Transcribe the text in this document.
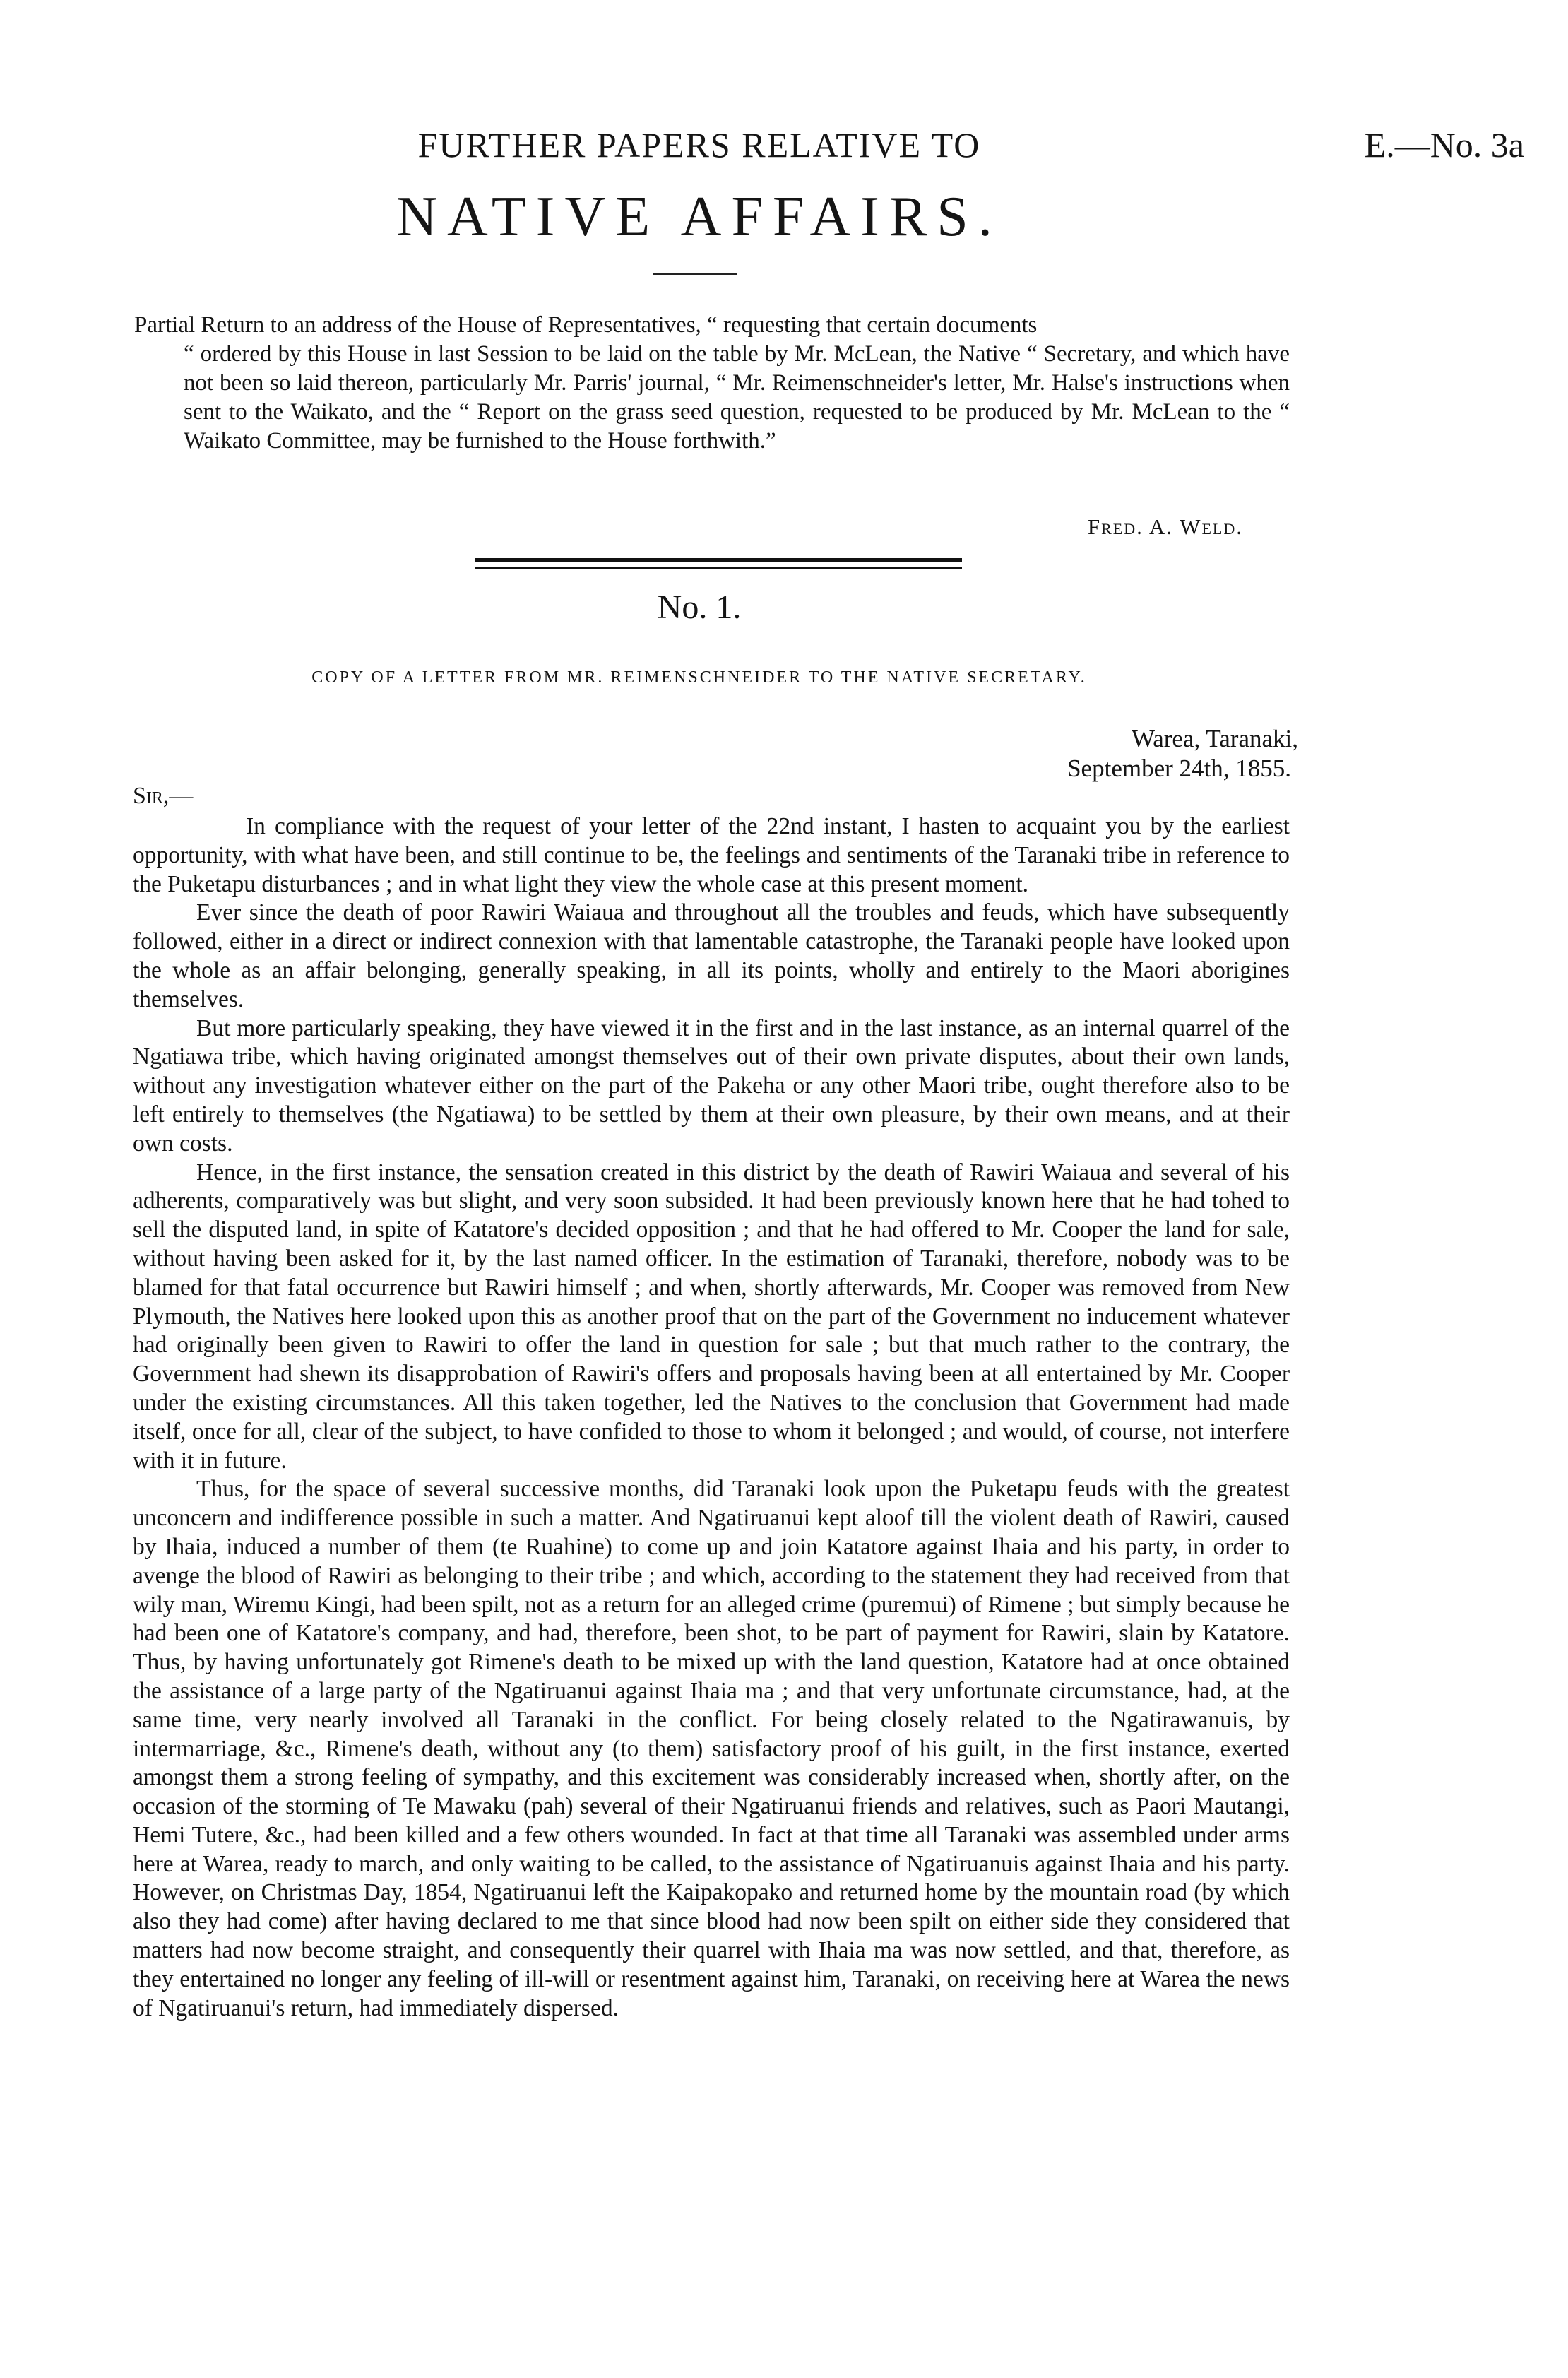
FURTHER PAPERS RELATIVE TO	E.—No. 3a
NATIVE AFFAIRS.

Partial Return to an address of the House of Representatives, “ requesting that certain documents

“ ordered by this House in last Session to be laid on the table by Mr. McLean, the Native “ Secretary, and which have not been so laid thereon, particularly Mr. Parris' journal, “ Mr. Reimenschneider's letter, Mr. Halse's instructions when sent to the Waikato, and the “ Report on the grass seed question, requested to be produced by Mr. McLean to the “ Waikato Committee, may be furnished to the House forthwith.”

Fred. A. Weld.
No. 1.
COPY OF A LETTER FROM MR. REIMENSCHNEIDER TO THE NATIVE SECRETARY.
Warea, Taranaki,
September 24th, 1855.
Sir,—

In compliance with the request of your letter of the 22nd instant, I hasten to acquaint you by the earliest opportunity, with what have been, and still continue to be, the feelings and sentiments of the Taranaki tribe in reference to the Puketapu disturbances ; and in what light they view the whole case at this present moment.

Ever since the death of poor Rawiri Waiaua and throughout all the troubles and feuds, which have subsequently followed, either in a direct or indirect connexion with that lamentable catastrophe, the Taranaki people have looked upon the whole as an affair belonging, generally speaking, in all its points, wholly and entirely to the Maori aborigines themselves.

But more particularly speaking, they have viewed it in the first and in the last instance, as an internal quarrel of the Ngatiawa tribe, which having originated amongst themselves out of their own private disputes, about their own lands, without any investigation whatever either on the part of the Pakeha or any other Maori tribe, ought therefore also to be left entirely to themselves (the Ngatiawa) to be settled by them at their own pleasure, by their own means, and at their own costs.

Hence, in the first instance, the sensation created in this district by the death of Rawiri Waiaua and several of his adherents, comparatively was but slight, and very soon subsided. It had been previously known here that he had tohed to sell the disputed land, in spite of Katatore's decided opposition ; and that he had offered to Mr. Cooper the land for sale, without having been asked for it, by the last named officer. In the estimation of Taranaki, therefore, nobody was to be blamed for that fatal occurrence but Rawiri himself ; and when, shortly afterwards, Mr. Cooper was removed from New Plymouth, the Natives here looked upon this as another proof that on the part of the Government no inducement whatever had originally been given to Rawiri to offer the land in question for sale ; but that much rather to the contrary, the Government had shewn its disapprobation of Rawiri's offers and proposals having been at all entertained by Mr. Cooper under the existing circumstances. All this taken together, led the Natives to the conclusion that Government had made itself, once for all, clear of the subject, to have confided to those to whom it belonged ; and would, of course, not interfere with it in future.

Thus, for the space of several successive months, did Taranaki look upon the Puketapu feuds with the greatest unconcern and indifference possible in such a matter. And Ngatiruanui kept aloof till the violent death of Rawiri, caused by Ihaia, induced a number of them (te Ruahine) to come up and join Katatore against Ihaia and his party, in order to avenge the blood of Rawiri as belonging to their tribe ; and which, according to the statement they had received from that wily man, Wiremu Kingi, had been spilt, not as a return for an alleged crime (puremui) of Rimene ; but simply because he had been one of Katatore's company, and had, therefore, been shot, to be part of payment for Rawiri, slain by Katatore. Thus, by having unfortunately got Rimene's death to be mixed up with the land question, Katatore had at once obtained the assistance of a large party of the Ngatiruanui against Ihaia ma ; and that very unfortunate circumstance, had, at the same time, very nearly involved all Taranaki in the conflict. For being closely related to the Ngatirawanuis, by intermarriage, &c., Rimene's death, without any (to them) satisfactory proof of his guilt, in the first instance, exerted amongst them a strong feeling of sympathy, and this excitement was considerably increased when, shortly after, on the occasion of the storming of Te Mawaku (pah) several of their Ngatiruanui friends and relatives, such as Paori Mautangi, Hemi Tutere, &c., had been killed and a few others wounded. In fact at that time all Taranaki was assembled under arms here at Warea, ready to march, and only waiting to be called, to the assistance of Ngatiruanuis against Ihaia and his party. However, on Christmas Day, 1854, Ngatiruanui left the Kaipakopako and returned home by the mountain road (by which also they had come) after having declared to me that since blood had now been spilt on either side they considered that matters had now become straight, and consequently their quarrel with Ihaia ma was now settled, and that, therefore, as they entertained no longer any feeling of ill-will or resentment against him, Taranaki, on receiving here at Warea the news of Ngatiruanui's return, had immediately dispersed.
